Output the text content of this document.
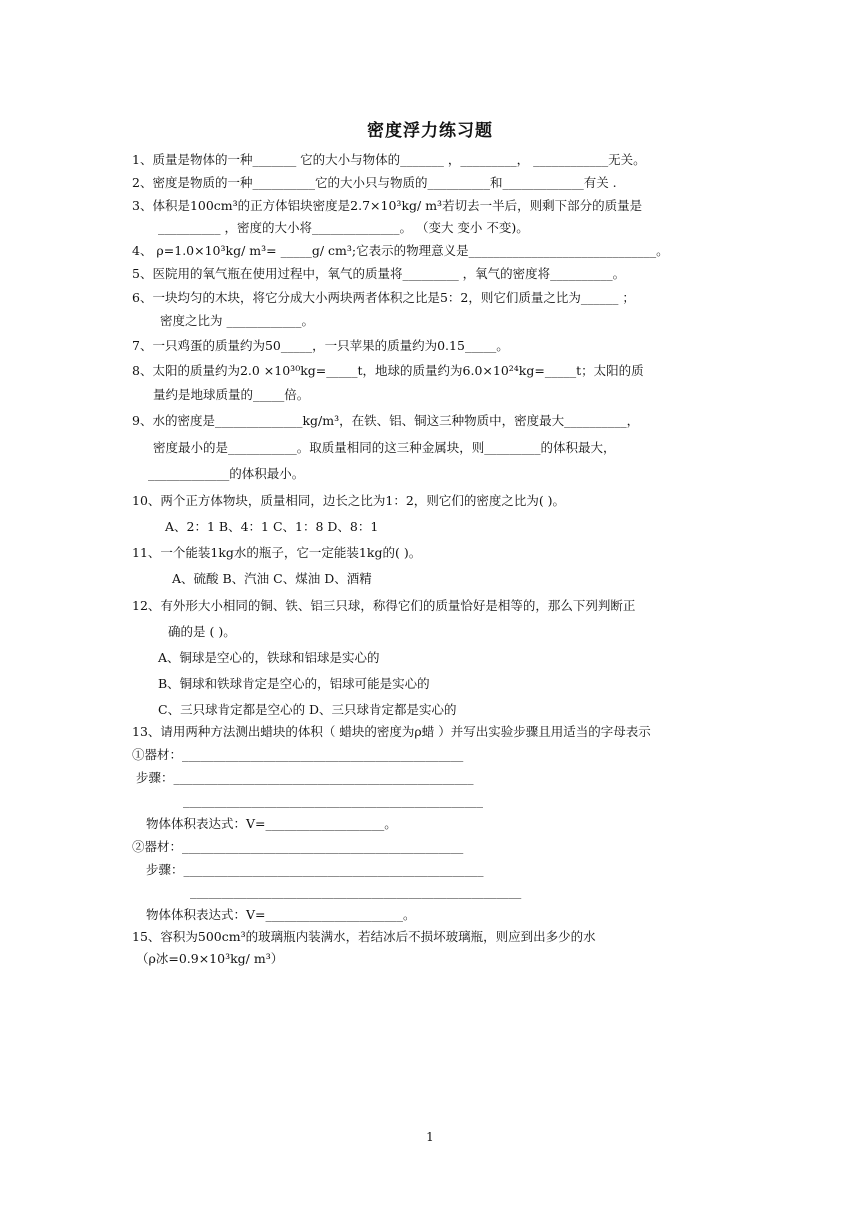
密度浮力练习题
1、质量是物体的一种_______ 它的大小与物体的_______ ，_________， ____________无关。
2、密度是物质的一种__________它的大小只与物质的__________和_____________有关 .
3、体积是100cm³的正方体铝块密度是2.7×10³kg/ m³若切去一半后，则剩下部分的质量是
__________ ，密度的大小将______________。 （变大 变小 不变)。
4、 ρ=1.0×10³kg/ m³= _____g/ cm³;它表示的物理意义是______________________________。
5、医院用的氧气瓶在使用过程中，氧气的质量将_________ ，氧气的密度将__________。
6、一块均匀的木块，将它分成大小两块两者体积之比是5：2，则它们质量之比为______ ；
密度之比为 ____________。
7、一只鸡蛋的质量约为50_____，一只苹果的质量约为0.15_____。
8、太阳的质量约为2.0 ×10³⁰kg=_____t，地球的质量约为6.0×10²⁴kg=_____t；太阳的质
量约是地球质量的_____倍。
9、水的密度是______________kg/m³，在铁、铝、铜这三种物质中，密度最大__________，
密度最小的是___________。取质量相同的这三种金属块，则_________的体积最大，
_____________的体积最小。
10、两个正方体物块，质量相同，边长之比为1：2，则它们的密度之比为( )。
A、2：1 B、4：1 C、1：8 D、8：1
11、一个能装1kg水的瓶子，它一定能装1kg的( )。
A、硫酸 B、汽油 C、煤油 D、酒精
12、有外形大小相同的铜、铁、铝三只球，称得它们的质量恰好是相等的，那么下列判断正
确的是 ( )。
A、铜球是空心的，铁球和铝球是实心的
B、铜球和铁球肯定是空心的，铝球可能是实心的
C、三只球肯定都是空心的 D、三只球肯定都是实心的
13、请用两种方法测出蜡块的体积（ 蜡块的密度为ρ蜡 ）并写出实验步骤且用适当的字母表示
①器材：_____________________________________________
步骤：________________________________________________
________________________________________________
物体体积表达式：V=___________________。
②器材：_____________________________________________
步骤：________________________________________________
_____________________________________________________
物体体积表达式：V=______________________。
15、容积为500cm³的玻璃瓶内装满水，若结冰后不损坏玻璃瓶，则应到出多少的水
（ρ冰=0.9×10³kg/ m³）
1
